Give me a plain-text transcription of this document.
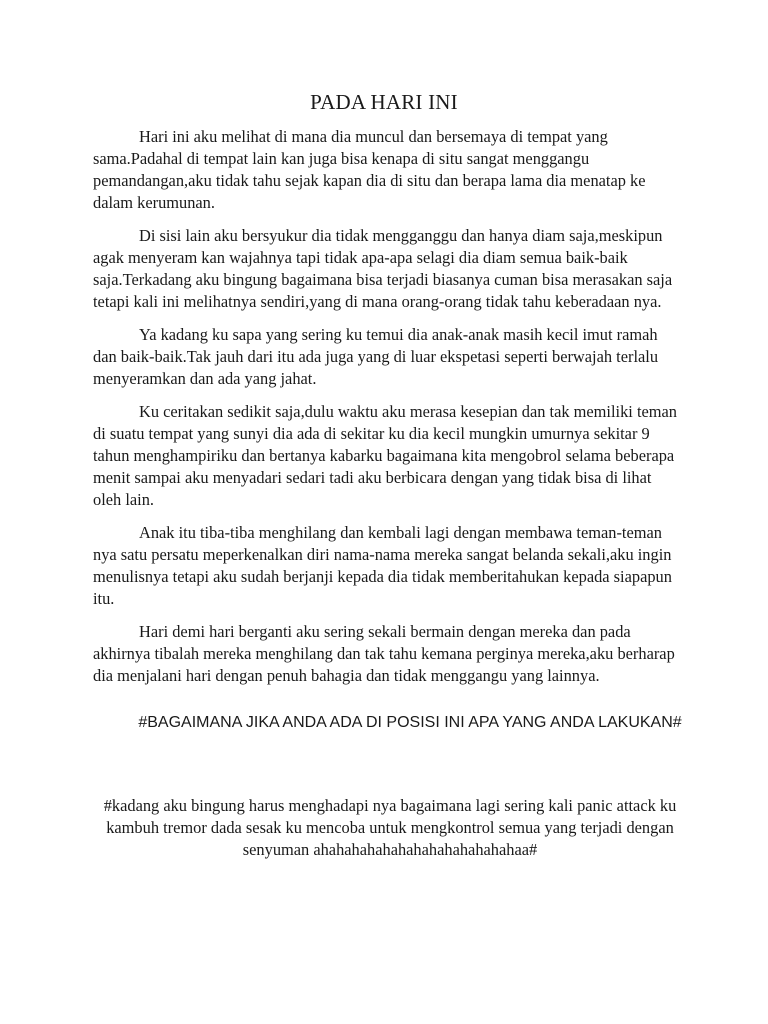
PADA HARI INI

Hari ini aku melihat di mana dia muncul dan bersemaya di tempat yang sama.Padahal di tempat lain kan juga bisa kenapa di situ sangat menggangu pemandangan,aku tidak tahu sejak kapan dia di situ dan berapa lama dia menatap ke dalam kerumunan.

Di sisi lain aku bersyukur dia tidak mengganggu dan hanya diam saja,meskipun agak menyeram kan wajahnya tapi tidak apa-apa selagi dia diam semua baik-baik saja.Terkadang aku bingung bagaimana bisa terjadi biasanya cuman bisa merasakan saja tetapi kali ini melihatnya sendiri,yang di mana orang-orang tidak tahu keberadaan nya.

Ya kadang ku sapa yang sering ku temui dia anak-anak masih kecil imut ramah dan baik-baik.Tak jauh dari itu ada juga yang di luar ekspetasi seperti berwajah terlalu menyeramkan dan ada yang jahat.

Ku ceritakan sedikit saja,dulu waktu aku merasa kesepian dan tak memiliki teman di suatu tempat yang sunyi dia ada di sekitar ku dia kecil mungkin umurnya sekitar 9 tahun menghampiriku dan bertanya kabarku bagaimana kita mengobrol selama beberapa menit sampai aku menyadari sedari tadi aku berbicara dengan yang tidak bisa di lihat oleh lain.

Anak itu tiba-tiba menghilang dan kembali lagi dengan membawa teman-teman nya satu persatu meperkenalkan diri nama-nama mereka sangat belanda sekali,aku ingin menulisnya tetapi aku sudah berjanji kepada dia tidak memberitahukan kepada siapapun itu.

Hari demi hari berganti aku sering sekali bermain dengan mereka dan pada akhirnya tibalah mereka menghilang dan tak tahu kemana perginya mereka,aku berharap dia menjalani hari dengan penuh bahagia dan tidak menggangu yang lainnya.

#BAGAIMANA JIKA ANDA ADA DI POSISI INI APA YANG ANDA LAKUKAN#
#kadang aku bingung harus menghadapi nya bagaimana lagi sering kali panic attack ku kambuh tremor dada sesak ku mencoba untuk mengkontrol semua yang terjadi dengan senyuman ahahahahahahahahahahahahahaa#
